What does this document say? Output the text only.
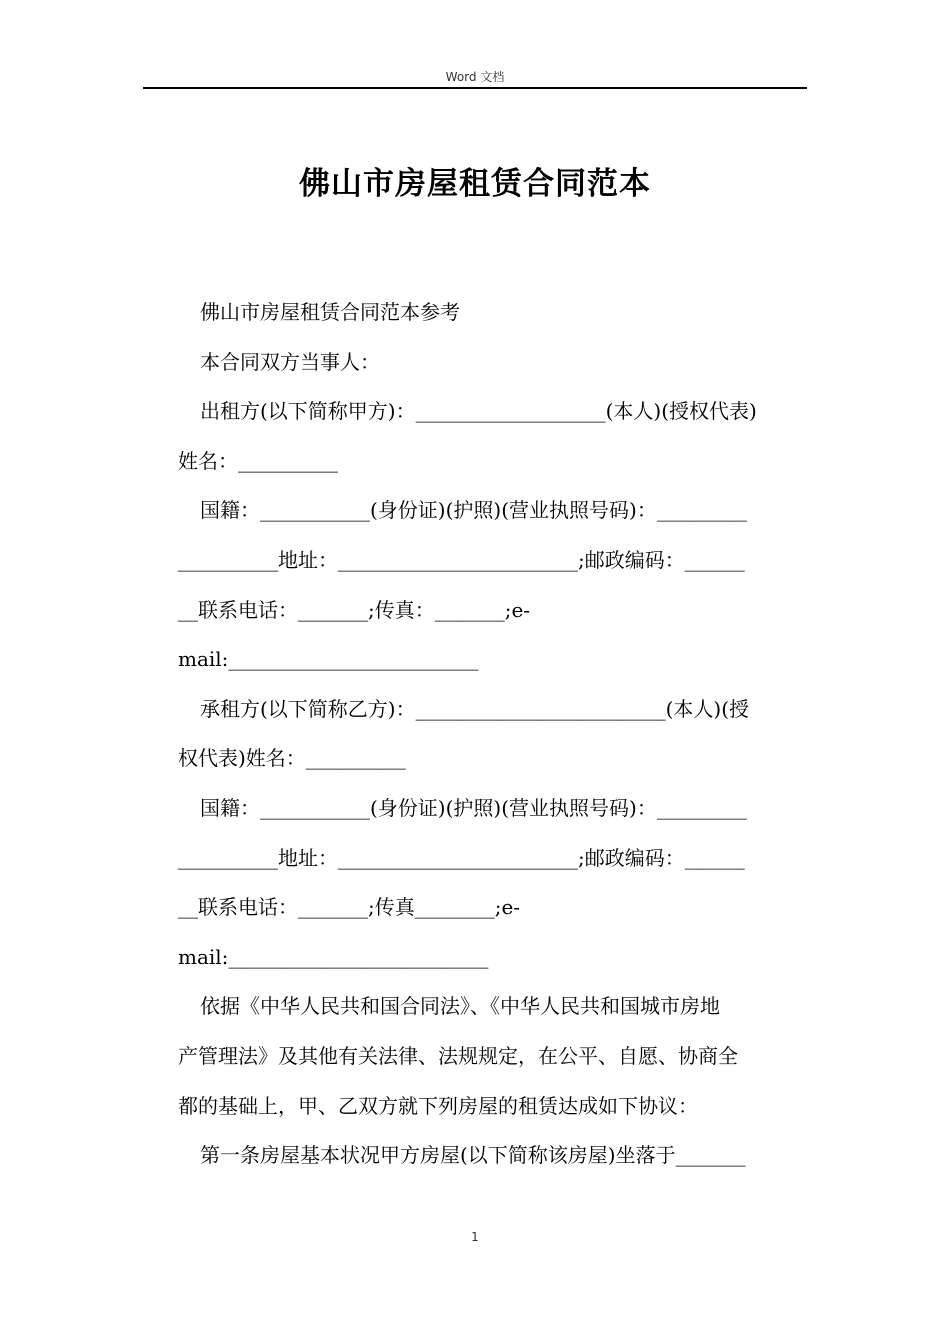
Word 文档
佛山市房屋租赁合同范本
佛山市房屋租赁合同范本参考
本合同双方当事人：
出租方(以下简称甲方)：___________________(本人)(授权代表)
姓名：__________
国籍：___________(身份证)(护照)(营业执照号码)：_________
__________地址：________________________;邮政编码：______
__联系电话：_______;传真：_______;e-
mail:_________________________
承租方(以下简称乙方)：_________________________(本人)(授
权代表)姓名：__________
国籍：___________(身份证)(护照)(营业执照号码)：_________
__________地址：________________________;邮政编码：______
__联系电话：_______;传真________;e-
mail:__________________________
依据《中华人民共和国合同法》、《中华人民共和国城市房地
产管理法》及其他有关法律、法规规定，在公平、自愿、协商全
都的基础上，甲、乙双方就下列房屋的租赁达成如下协议：
第一条房屋基本状况甲方房屋(以下简称该房屋)坐落于_______
1
